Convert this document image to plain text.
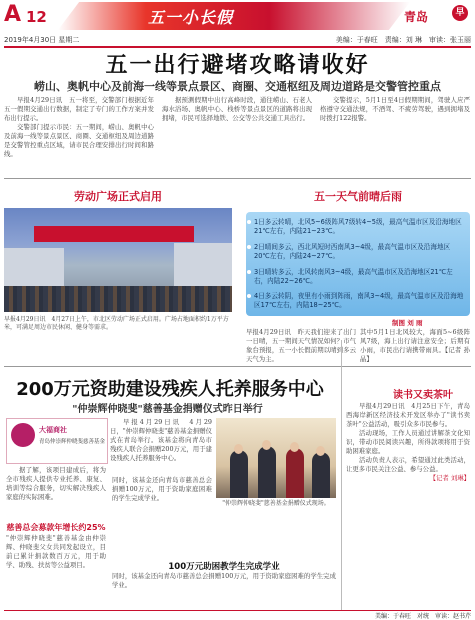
A 12	五一小长假	青岛	早报
2019年4月30日 星期二	美编：于春旺　责编：刘 琳　审读：张玉丽
五一出行避堵攻略请收好
崂山、奥帆中心及前海一线等景点景区、商圈、交通枢纽及周边道路是交警管控重点

早报4月29日讯　五一将至，交警部门根据近年五一假期交通出行数据，制定了专门的工作方案并发布出行提示。

交警部门提示市民：五一期间，崂山、奥帆中心及前海一线等景点景区、商圈、交通枢纽及周边道路是交警管控重点区域，请市民合理安排出行时间和路线。

据预测假期中出行高峰时段，通往崂山、石老人海水浴场、奥帆中心、栈桥等景点景区的道路将出现拥堵，市民可选择地铁、公交等公共交通工具出行。

交警提示，5月1日至4日假期期间，驾驶人应严格遵守交通法规，不酒驾、不疲劳驾驶，遇到拥堵及时拨打122报警。

劳动广场正式启用
早报4月29日讯　4月27日上午，市北区劳动广场正式启用。广场占地面积约1万平方米，可满足周边市民休闲、健身等需求。
五一天气前晴后雨
1日多云转晴，北风5~6级阵风7级转4~5级，最高气温市区及沿海地区21℃左右，内陆21~23℃。
2日晴间多云，西北风短时西南风3~4级，最高气温市区及沿海地区20℃左右，内陆24~27℃。
3日晴转多云，北风转南风3~4级，最高气温市区及沿海地区21℃左右，内陆22~26℃。
4日多云转阴，夜里有小雨到阵雨，南风3~4级，最高气温市区及沿海地区17℃左右，内陆18~25℃。
制图 刘 雨
早报4月29日讯　昨天我们迎来了出门一日晴，五一期间天气情况如何？市气象台预报，五一小长假前期以晴到多云天气为主。
其中5月1日北风较大，海面5~6级阵风7级，海上出行请注意安全；后期有小雨，市民出行请携带雨具。【记者 孙晶】
200万元资助建设残疾人托养服务中心
"仲崇辉仲晓斐"慈善基金捐赠仪式昨日举行
大福商社
青岛仲崇辉仲晓斐慈善基金

早报4月29日讯　4月29日，"仲崇辉仲晓斐"慈善基金捐赠仪式在青岛举行。该基金将向青岛市残疾人联合会捐赠200万元，用于建设残疾人托养服务中心。

据了解，该项目建成后，将为全市残疾人提供专业托养、康复、培训等综合服务，切实解决残疾人家庭的实际困难。

慈善总会募款年增长约25%
"仲崇辉仲晓斐"慈善基金由仲崇辉、仲晓斐父女共同发起设立，目前已累计捐款数百万元，用于助学、助残、扶贫等公益项目。
"仲崇辉仲晓斐"慈善基金捐赠仪式现场。
同时，该基金还向青岛市慈善总会捐赠100万元，用于资助家庭困难的学生完成学业。
100万元助困教学生完成学业
同时，该基金还向青岛市慈善总会捐赠100万元，用于资助家庭困难的学生完成学业。
读书又卖茶叶

早报4月29日讯　4月25日下午，青岛西海岸新区经济技术开发区举办了"读书卖茶叶"公益活动，吸引众多市民参与。

活动现场，工作人员通过讲解茶文化知识，带动市民阅读兴趣，所得款项将用于资助困难家庭。

活动负责人表示，希望通过此类活动，让更多市民关注公益、参与公益。

【记者 刘琳】

美编：于春旺　对统　审读：赵书芹
